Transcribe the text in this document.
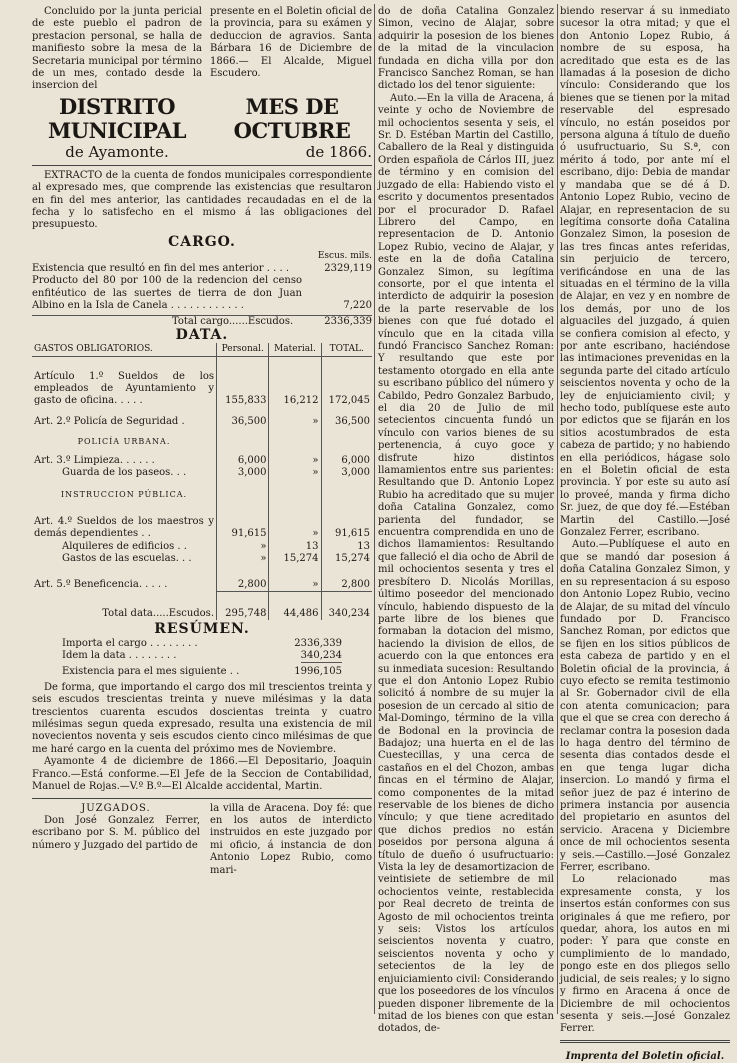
Concluido por la junta pericial de este pueblo el padron de prestacion personal, se halla de manifiesto sobre la mesa de la Secretaria municipal por término de un mes, contado desde la insercion del

presente en el Boletin oficial de la provincia, para su exámen y deduccion de agravios. Santa Bárbara 16 de Diciembre de 1866.— El Alcalde, Miguel Escudero.

DISTRITO MUNICIPAL
de Ayamonte.
MES DE OCTUBRE
de 1866.

EXTRACTO de la cuenta de fondos municipales correspondiente al expresado mes, que comprende las existencias que resultaron en fin del mes anterior, las cantidades recaudadas en el de la fecha y lo satisfecho en el mismo á las obligaciones del presupuesto.

CARGO.
Escus. mils.
Existencia que resultó en fin del mes anterior . . . .	2329,119
Producto del 80 por 100 de la redencion del censo enfitéutico de las suertes de tierra de don Juan Albino en la Isla de Canela . . . . . . . . . . . .	7,220
Total cargo......Escudos.	2336,339
DATA.
GASTOS OBLIGATORIOS.	Personal.	Material.	TOTAL.
Artículo 1.º Sueldos de los empleados de Ayuntamiento y gasto de oficina. . . . .	155,833	16,212	172,045
Art. 2.º Policía de Seguridad .	36,500	»	36,500
POLICÍA URBANA.			
Art. 3.º Limpieza. . . . . .	6,000	»	6,000
Guarda de los paseos. . .	3,000	»	3,000
INSTRUCCION PÚBLICA.			
Art. 4.º Sueldos de los maestros y demás dependientes . .	91,615	»	91,615
Alquileres de edificios . .	»	13	13
Gastos de las escuelas. . .	»	15,274	15,274
Art. 5.º Beneficencia. . . . .	2,800	»	2,800
Total data.....Escudos.	295,748	44,486	340,234
RESÚMEN.
Importa el cargo . . . . . . . .	2336,339
Idem la data . . . . . . . .	340,234
Existencia para el mes siguiente . .	1996,105

De forma, que importando el cargo dos mil trescientos treinta y seis escudos trescientas treinta y nueve milésimas y la data trescientos cuarenta escudos doscientas treinta y cuatro milésimas segun queda expresado, resulta una existencia de mil novecientos noventa y seis escudos ciento cinco milésimas de que me haré cargo en la cuenta del próximo mes de Noviembre.

Ayamonte 4 de diciembre de 1866.—El Depositario, Joaquin Franco.—Está conforme.—El Jefe de la Seccion de Contabilidad, Manuel de Rojas.—V.º B.º—El Alcalde accidental, Martin.

JUZGADOS.

Don José Gonzalez Ferrer, escribano por S. M. público del número y Juzgado del partido de

la villa de Aracena. Doy fé: que en los autos de interdicto instruidos en este juzgado por mi oficio, á instancia de don Antonio Lopez Rubio, como mari-

do de doña Catalina Gonzalez Simon, vecino de Alajar, sobre adquirir la posesion de los bienes de la mitad de la vinculacion fundada en dicha villa por don Francisco Sanchez Roman, se han dictado los del tenor siguiente:

Auto.—En la villa de Aracena, á veinte y ocho de Noviembre de mil ochocientos sesenta y seis, el Sr. D. Estéban Martin del Castillo, Caballero de la Real y distinguida Orden española de Cárlos III, juez de término y en comision del juzgado de ella: Habiendo visto el escrito y documentos presentados por el procurador D. Rafael Librero del Campo, en representacion de D. Antonio Lopez Rubio, vecino de Alajar, y este en la de doña Catalina Gonzalez Simon, su legítima consorte, por el que intenta el interdicto de adquirir la posesion de la parte reservable de los bienes con que fué dotado el vínculo que en la citada villa fundó Francisco Sanchez Roman: Y resultando que este por testamento otorgado en ella ante su escribano público del número y Cabildo, Pedro Gonzalez Barbudo, el dia 20 de Julio de mil setecientos cincuenta fundó un vínculo con varios bienes de su pertenencia, á cuyo goce y disfrute hizo distintos llamamientos entre sus parientes: Resultando que D. Antonio Lopez Rubio ha acreditado que su mujer doña Catalina Gonzalez, como parienta del fundador, se encuentra comprendida en uno de dichos llamamientos: Resultando que falleció el dia ocho de Abril de mil ochocientos sesenta y tres el presbítero D. Nicolás Morillas, último poseedor del mencionado vínculo, habiendo dispuesto de la parte libre de los bienes que formaban la dotacion del mismo, haciendo la division de ellos, de acuerdo con la que entonces era su inmediata sucesion: Resultando que el don Antonio Lopez Rubio solicitó á nombre de su mujer la posesion de un cercado al sitio de Mal-Domingo, término de la villa de Bodonal en la provincia de Badajoz; una huerta en el de las Cuestecillas, y una cerca de castaños en el del Chozon, ambas fincas en el término de Alajar, como componentes de la mitad reservable de los bienes de dicho vínculo; y que tiene acreditado que dichos predios no están poseidos por persona alguna á título de dueño ó usufructuario: Vista la ley de desamortizacion de veintisiete de setiembre de mil ochocientos veinte, restablecida por Real decreto de treinta de Agosto de mil ochocientos treinta y seis: Vistos los artículos seiscientos noventa y cuatro, seiscientos noventa y ocho y setecientos de la ley de enjuiciamiento civil: Considerando que los poseedores de los vínculos pueden disponer libremente de la mitad de los bienes con que estan dotados, de-

biendo reservar á su inmediato sucesor la otra mitad; y que el don Antonio Lopez Rubio, á nombre de su esposa, ha acreditado que esta es de las llamadas á la posesion de dicho vínculo: Considerando que los bienes que se tienen por la mitad reservable del espresado vínculo, no están poseidos por persona alguna á título de dueño ó usufructuario, Su S.ª, con mérito á todo, por ante mí el escribano, dijo: Debia de mandar y mandaba que se dé á D. Antonio Lopez Rubio, vecino de Alajar, en representacion de su legítima consorte doña Catalina Gonzalez Simon, la posesion de las tres fincas antes referidas, sin perjuicio de tercero, verificándose en una de las situadas en el término de la villa de Alajar, en vez y en nombre de los demás, por uno de los alguaciles del juzgado, á quien se confiera comision al efecto, y por ante escribano, haciéndose las intimaciones prevenidas en la segunda parte del citado artículo seiscientos noventa y ocho de la ley de enjuiciamiento civil; y hecho todo, publíquese este auto por edictos que se fijarán en los sitios acostumbrados de esta cabeza de partido; y no habiendo en ella periódicos, hágase solo en el Boletin oficial de esta provincia. Y por este su auto así lo proveé, manda y firma dicho Sr. juez, de que doy fé.—Estéban Martin del Castillo.—José Gonzalez Ferrer, escribano.

Auto.—Publíquese el auto en que se mandó dar posesion á doña Catalina Gonzalez Simon, y en su representacion á su esposo don Antonio Lopez Rubio, vecino de Alajar, de su mitad del vínculo fundado por D. Francisco Sanchez Roman, por edictos que se fijen en los sitios públicos de esta cabeza de partido y en el Boletin oficial de la provincia, á cuyo efecto se remita testimonio al Sr. Gobernador civil de ella con atenta comunicacion; para que el que se crea con derecho á reclamar contra la posesion dada lo haga dentro del término de sesenta dias contados desde el en que tenga lugar dicha insercion. Lo mandó y firma el señor juez de paz é interino de primera instancia por ausencia del propietario en asuntos del servicio. Aracena y Diciembre once de mil ochocientos sesenta y seis.—Castillo.—José Gonzalez Ferrer, escribano.

Lo relacionado mas expresamente consta, y los insertos están conformes con sus originales á que me refiero, por quedar, ahora, los autos en mi poder: Y para que conste en cumplimiento de lo mandado, pongo este en dos pliegos sello judicial, de seis reales; y lo signo y firmo en Aracena á once de Diciembre de mil ochocientos sesenta y seis.—José Gonzalez Ferrer.

Imprenta del Boletin oficial.
